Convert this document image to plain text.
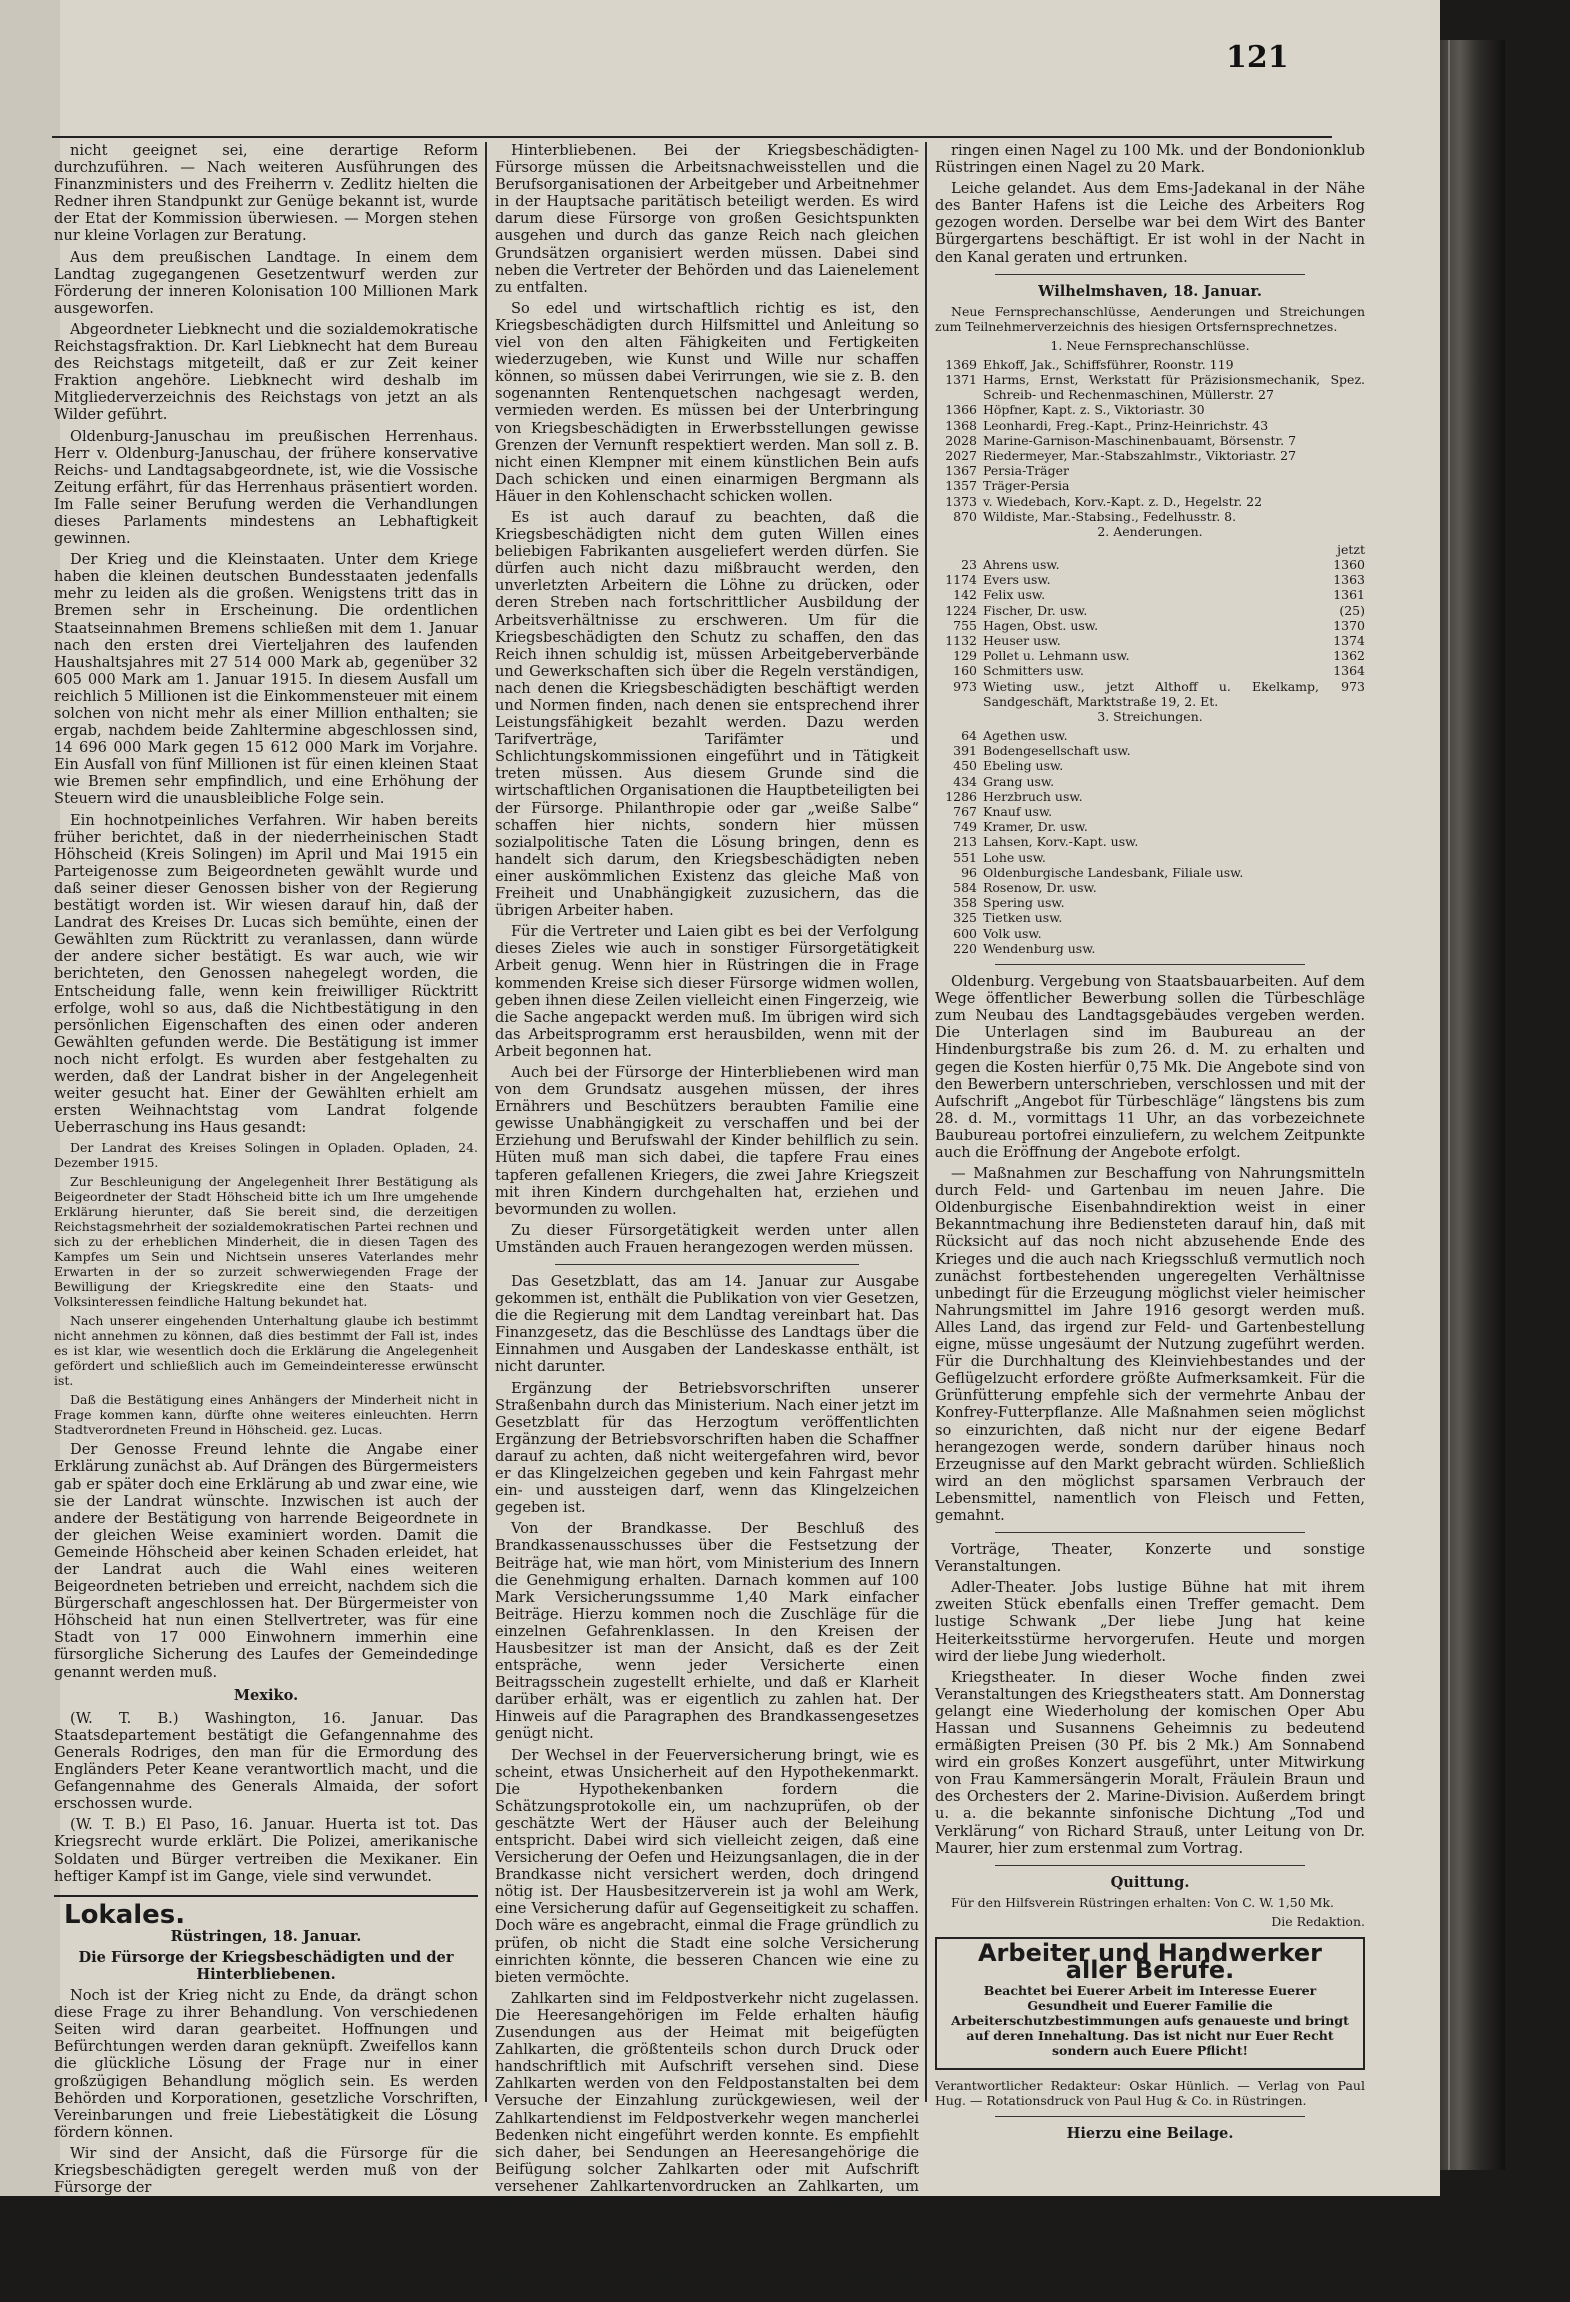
121

nicht geeignet sei, eine derartige Reform durchzuführen. — Nach weiteren Ausführungen des Finanzministers und des Freiherrn v. Zedlitz hielten die Redner ihren Standpunkt zur Genüge bekannt ist, wurde der Etat der Kommission überwiesen. — Morgen stehen nur kleine Vorlagen zur Beratung.

Aus dem preußischen Landtage. In einem dem Landtag zugegangenen Gesetzentwurf werden zur Förderung der inneren Kolonisation 100 Millionen Mark ausgeworfen.

Abgeordneter Liebknecht und die sozialdemokratische Reichstagsfraktion. Dr. Karl Liebknecht hat dem Bureau des Reichstags mitgeteilt, daß er zur Zeit keiner Fraktion angehöre. Liebknecht wird deshalb im Mitgliederverzeichnis des Reichstags von jetzt an als Wilder geführt.

Oldenburg-Januschau im preußischen Herrenhaus. Herr v. Oldenburg-Januschau, der frühere konservative Reichs- und Landtagsabgeordnete, ist, wie die Vossische Zeitung erfährt, für das Herrenhaus präsentiert worden. Im Falle seiner Berufung werden die Verhandlungen dieses Parlaments mindestens an Lebhaftigkeit gewinnen.

Der Krieg und die Kleinstaaten. Unter dem Kriege haben die kleinen deutschen Bundesstaaten jedenfalls mehr zu leiden als die großen. Wenigstens tritt das in Bremen sehr in Erscheinung. Die ordentlichen Staatseinnahmen Bremens schließen mit dem 1. Januar nach den ersten drei Vierteljahren des laufenden Haushaltsjahres mit 27 514 000 Mark ab, gegenüber 32 605 000 Mark am 1. Januar 1915. In diesem Ausfall um reichlich 5 Millionen ist die Einkommensteuer mit einem solchen von nicht mehr als einer Million enthalten; sie ergab, nachdem beide Zahltermine abgeschlossen sind, 14 696 000 Mark gegen 15 612 000 Mark im Vorjahre. Ein Ausfall von fünf Millionen ist für einen kleinen Staat wie Bremen sehr empfindlich, und eine Erhöhung der Steuern wird die unausbleibliche Folge sein.

Ein hochnotpeinliches Verfahren. Wir haben bereits früher berichtet, daß in der niederrheinischen Stadt Höhscheid (Kreis Solingen) im April und Mai 1915 ein Parteigenosse zum Beigeordneten gewählt wurde und daß seiner dieser Genossen bisher von der Regierung bestätigt worden ist. Wir wiesen darauf hin, daß der Landrat des Kreises Dr. Lucas sich bemühte, einen der Gewählten zum Rücktritt zu veranlassen, dann würde der andere sicher bestätigt. Es war auch, wie wir berichteten, den Genossen nahegelegt worden, die Entscheidung falle, wenn kein freiwilliger Rücktritt erfolge, wohl so aus, daß die Nichtbestätigung in den persönlichen Eigenschaften des einen oder anderen Gewählten gefunden werde. Die Bestätigung ist immer noch nicht erfolgt. Es wurden aber festgehalten zu werden, daß der Landrat bisher in der Angelegenheit weiter gesucht hat. Einer der Gewählten erhielt am ersten Weihnachtstag vom Landrat folgende Ueberraschung ins Haus gesandt:

Der Landrat des Kreises Solingen in Opladen. Opladen, 24. Dezember 1915.

Zur Beschleunigung der Angelegenheit Ihrer Bestätigung als Beigeordneter der Stadt Höhscheid bitte ich um Ihre umgehende Erklärung hierunter, daß Sie bereit sind, die derzeitigen Reichstagsmehrheit der sozialdemokratischen Partei rechnen und sich zu der erheblichen Minderheit, die in diesen Tagen des Kampfes um Sein und Nichtsein unseres Vaterlandes mehr Erwarten in der so zurzeit schwerwiegenden Frage der Bewilligung der Kriegskredite eine den Staats- und Volksinteressen feindliche Haltung bekundet hat.

Nach unserer eingehenden Unterhaltung glaube ich bestimmt nicht annehmen zu können, daß dies bestimmt der Fall ist, indes es ist klar, wie wesentlich doch die Erklärung die Angelegenheit gefördert und schließlich auch im Gemeindeinteresse erwünscht ist.

Daß die Bestätigung eines Anhängers der Minderheit nicht in Frage kommen kann, dürfte ohne weiteres einleuchten. Herrn Stadtverordneten Freund in Höhscheid. gez. Lucas.

Der Genosse Freund lehnte die Angabe einer Erklärung zunächst ab. Auf Drängen des Bürgermeisters gab er später doch eine Erklärung ab und zwar eine, wie sie der Landrat wünschte. Inzwischen ist auch der andere der Bestätigung von harrende Beigeordnete in der gleichen Weise examiniert worden. Damit die Gemeinde Höhscheid aber keinen Schaden erleidet, hat der Landrat auch die Wahl eines weiteren Beigeordneten betrieben und erreicht, nachdem sich die Bürgerschaft angeschlossen hat. Der Bürgermeister von Höhscheid hat nun einen Stellvertreter, was für eine Stadt von 17 000 Einwohnern immerhin eine fürsorgliche Sicherung des Laufes der Gemeindedinge genannt werden muß.

Mexiko.

(W. T. B.) Washington, 16. Januar. Das Staatsdepartement bestätigt die Gefangennahme des Generals Rodriges, den man für die Ermordung des Engländers Peter Keane verantwortlich macht, und die Gefangennahme des Generals Almaida, der sofort erschossen wurde.

(W. T. B.) El Paso, 16. Januar. Huerta ist tot. Das Kriegsrecht wurde erklärt. Die Polizei, amerikanische Soldaten und Bürger vertreiben die Mexikaner. Ein heftiger Kampf ist im Gange, viele sind verwundet.

Lokales.

Rüstringen, 18. Januar.

Die Fürsorge der Kriegsbeschädigten und der Hinterbliebenen.

Noch ist der Krieg nicht zu Ende, da drängt schon diese Frage zu ihrer Behandlung. Von verschiedenen Seiten wird daran gearbeitet. Hoffnungen und Befürchtungen werden daran geknüpft. Zweifellos kann die glückliche Lösung der Frage nur in einer großzügigen Behandlung möglich sein. Es werden Behörden und Korporationen, gesetzliche Vorschriften, Vereinbarungen und freie Liebestätigkeit die Lösung fördern können.

Wir sind der Ansicht, daß die Fürsorge für die Kriegsbeschädigten geregelt werden muß von der Fürsorge der

Hinterbliebenen. Bei der Kriegsbeschädigten-Fürsorge müssen die Arbeitsnachweisstellen und die Berufsorganisationen der Arbeitgeber und Arbeitnehmer in der Hauptsache paritätisch beteiligt werden. Es wird darum diese Fürsorge von großen Gesichtspunkten ausgehen und durch das ganze Reich nach gleichen Grundsätzen organisiert werden müssen. Dabei sind neben die Vertreter der Behörden und das Laienelement zu entfalten.

So edel und wirtschaftlich richtig es ist, den Kriegsbeschädigten durch Hilfsmittel und Anleitung so viel von den alten Fähigkeiten und Fertigkeiten wiederzugeben, wie Kunst und Wille nur schaffen können, so müssen dabei Verirrungen, wie sie z. B. den sogenannten Rentenquetschen nachgesagt werden, vermieden werden. Es müssen bei der Unterbringung von Kriegsbeschädigten in Erwerbsstellungen gewisse Grenzen der Vernunft respektiert werden. Man soll z. B. nicht einen Klempner mit einem künstlichen Bein aufs Dach schicken und einen einarmigen Bergmann als Häuer in den Kohlenschacht schicken wollen.

Es ist auch darauf zu beachten, daß die Kriegsbeschädigten nicht dem guten Willen eines beliebigen Fabrikanten ausgeliefert werden dürfen. Sie dürfen auch nicht dazu mißbraucht werden, den unverletzten Arbeitern die Löhne zu drücken, oder deren Streben nach fortschrittlicher Ausbildung der Arbeitsverhältnisse zu erschweren. Um für die Kriegsbeschädigten den Schutz zu schaffen, den das Reich ihnen schuldig ist, müssen Arbeitgeberverbände und Gewerkschaften sich über die Regeln verständigen, nach denen die Kriegsbeschädigten beschäftigt werden und Normen finden, nach denen sie entsprechend ihrer Leistungsfähigkeit bezahlt werden. Dazu werden Tarifverträge, Tarifämter und Schlichtungskommissionen eingeführt und in Tätigkeit treten müssen. Aus diesem Grunde sind die wirtschaftlichen Organisationen die Hauptbeteiligten bei der Fürsorge. Philanthropie oder gar „weiße Salbe“ schaffen hier nichts, sondern hier müssen sozialpolitische Taten die Lösung bringen, denn es handelt sich darum, den Kriegsbeschädigten neben einer auskömmlichen Existenz das gleiche Maß von Freiheit und Unabhängigkeit zuzusichern, das die übrigen Arbeiter haben.

Für die Vertreter und Laien gibt es bei der Verfolgung dieses Zieles wie auch in sonstiger Fürsorgetätigkeit Arbeit genug. Wenn hier in Rüstringen die in Frage kommenden Kreise sich dieser Fürsorge widmen wollen, geben ihnen diese Zeilen vielleicht einen Fingerzeig, wie die Sache angepackt werden muß. Im übrigen wird sich das Arbeitsprogramm erst herausbilden, wenn mit der Arbeit begonnen hat.

Auch bei der Fürsorge der Hinterbliebenen wird man von dem Grundsatz ausgehen müssen, der ihres Ernährers und Beschützers beraubten Familie eine gewisse Unabhängigkeit zu verschaffen und bei der Erziehung und Berufswahl der Kinder behilflich zu sein. Hüten muß man sich dabei, die tapfere Frau eines tapferen gefallenen Kriegers, die zwei Jahre Kriegszeit mit ihren Kindern durchgehalten hat, erziehen und bevormunden zu wollen.

Zu dieser Fürsorgetätigkeit werden unter allen Umständen auch Frauen herangezogen werden müssen.

Das Gesetzblatt, das am 14. Januar zur Ausgabe gekommen ist, enthält die Publikation von vier Gesetzen, die die Regierung mit dem Landtag vereinbart hat. Das Finanzgesetz, das die Beschlüsse des Landtags über die Einnahmen und Ausgaben der Landeskasse enthält, ist nicht darunter.

Ergänzung der Betriebsvorschriften unserer Straßenbahn durch das Ministerium. Nach einer jetzt im Gesetzblatt für das Herzogtum veröffentlichten Ergänzung der Betriebsvorschriften haben die Schaffner darauf zu achten, daß nicht weitergefahren wird, bevor er das Klingelzeichen gegeben und kein Fahrgast mehr ein- und aussteigen darf, wenn das Klingelzeichen gegeben ist.

Von der Brandkasse. Der Beschluß des Brandkassenausschusses über die Festsetzung der Beiträge hat, wie man hört, vom Ministerium des Innern die Genehmigung erhalten. Darnach kommen auf 100 Mark Versicherungssumme 1,40 Mark einfacher Beiträge. Hierzu kommen noch die Zuschläge für die einzelnen Gefahrenklassen. In den Kreisen der Hausbesitzer ist man der Ansicht, daß es der Zeit entspräche, wenn jeder Versicherte einen Beitragsschein zugestellt erhielte, und daß er Klarheit darüber erhält, was er eigentlich zu zahlen hat. Der Hinweis auf die Paragraphen des Brandkassengesetzes genügt nicht.

Der Wechsel in der Feuerversicherung bringt, wie es scheint, etwas Unsicherheit auf den Hypothekenmarkt. Die Hypothekenbanken fordern die Schätzungsprotokolle ein, um nachzuprüfen, ob der geschätzte Wert der Häuser auch der Beleihung entspricht. Dabei wird sich vielleicht zeigen, daß eine Versicherung der Oefen und Heizungsanlagen, die in der Brandkasse nicht versichert werden, doch dringend nötig ist. Der Hausbesitzerverein ist ja wohl am Werk, eine Versicherung dafür auf Gegenseitigkeit zu schaffen. Doch wäre es angebracht, einmal die Frage gründlich zu prüfen, ob nicht die Stadt eine solche Versicherung einrichten könnte, die besseren Chancen wie eine zu bieten vermöchte.

Zahlkarten sind im Feldpostverkehr nicht zugelassen. Die Heeresangehörigen im Felde erhalten häufig Zusendungen aus der Heimat mit beigefügten Zahlkarten, die größtenteils schon durch Druck oder handschriftlich mit Aufschrift versehen sind. Diese Zahlkarten werden von den Feldpostanstalten bei dem Versuche der Einzahlung zurückgewiesen, weil der Zahlkartendienst im Feldpostverkehr wegen mancherlei Bedenken nicht eingeführt werden konnte. Es empfiehlt sich daher, bei Sendungen an Heeresangehörige die Beifügung solcher Zahlkarten oder mit Aufschrift versehener Zahlkartenvordrucken an Zahlkarten, um zweckmäßig handeln ist die Ueberhauptung zu Heeresangehörige hingewiesen.

Für den Eisernen Friesen stifteten die städtischen Beamten und Angestellten von Rüstringen einen Nagel zu 300 Mk., die Schmiede- und Schlosserzwangsinnung Rüst-

ringen einen Nagel zu 100 Mk. und der Bondonionklub Rüstringen einen Nagel zu 20 Mark.

Leiche gelandet. Aus dem Ems-Jadekanal in der Nähe des Banter Hafens ist die Leiche des Arbeiters Rog gezogen worden. Derselbe war bei dem Wirt des Banter Bürgergartens beschäftigt. Er ist wohl in der Nacht in den Kanal geraten und ertrunken.

Wilhelmshaven, 18. Januar.

Neue Fernsprechanschlüsse, Aenderungen und Streichungen zum Teilnehmerverzeichnis des hiesigen Ortsfernsprechnetzes.

1. Neue Fernsprechanschlüsse.

1369	Ehkoff, Jak., Schiffsführer, Roonstr. 119
1371	Harms, Ernst, Werkstatt für Präzisionsmechanik, Spez. Schreib- und Rechenmaschinen, Müllerstr. 27
1366	Höpfner, Kapt. z. S., Viktoriastr. 30
1368	Leonhardi, Freg.-Kapt., Prinz-Heinrichstr. 43
2028	Marine-Garnison-Maschinenbauamt, Börsenstr. 7
2027	Riedermeyer, Mar.-Stabszahlmstr., Viktoriastr. 27
1367	Persia-Träger
1357	Träger-Persia
1373	v. Wiedebach, Korv.-Kapt. z. D., Hegelstr. 22
870	Wildiste, Mar.-Stabsing., Fedelhusstr. 8.

2. Aenderungen.

jetzt
23	Ahrens usw.	1360
1174	Evers usw.	1363
142	Felix usw.	1361
1224	Fischer, Dr. usw.	(25)
755	Hagen, Obst. usw.	1370
1132	Heuser usw.	1374
129	Pollet u. Lehmann usw.	1362
160	Schmitters usw.	1364
973	Wieting usw., jetzt Althoff u. Ekelkamp, Sandgeschäft, Marktstraße 19, 2. Et.	973

3. Streichungen.

64	Agethen usw.
391	Bodengesellschaft usw.
450	Ebeling usw.
434	Grang usw.
1286	Herzbruch usw.
767	Knauf usw.
749	Kramer, Dr. usw.
213	Lahsen, Korv.-Kapt. usw.
551	Lohe usw.
96	Oldenburgische Landesbank, Filiale usw.
584	Rosenow, Dr. usw.
358	Spering usw.
325	Tietken usw.
600	Volk usw.
220	Wendenburg usw.

Oldenburg. Vergebung von Staatsbauarbeiten. Auf dem Wege öffentlicher Bewerbung sollen die Türbeschläge zum Neubau des Landtagsgebäudes vergeben werden. Die Unterlagen sind im Baubureau an der Hindenburgstraße bis zum 26. d. M. zu erhalten und gegen die Kosten hierfür 0,75 Mk. Die Angebote sind von den Bewerbern unterschrieben, verschlossen und mit der Aufschrift „Angebot für Türbeschläge“ längstens bis zum 28. d. M., vormittags 11 Uhr, an das vorbezeichnete Baubureau portofrei einzuliefern, zu welchem Zeitpunkte auch die Eröffnung der Angebote erfolgt.

— Maßnahmen zur Beschaffung von Nahrungsmitteln durch Feld- und Gartenbau im neuen Jahre. Die Oldenburgische Eisenbahndirektion weist in einer Bekanntmachung ihre Bediensteten darauf hin, daß mit Rücksicht auf das noch nicht abzusehende Ende des Krieges und die auch nach Kriegsschluß vermutlich noch zunächst fortbestehenden ungeregelten Verhältnisse unbedingt für die Erzeugung möglichst vieler heimischer Nahrungsmittel im Jahre 1916 gesorgt werden muß. Alles Land, das irgend zur Feld- und Gartenbestellung eigne, müsse ungesäumt der Nutzung zugeführt werden. Für die Durchhaltung des Kleinviehbestandes und der Geflügelzucht erfordere größte Aufmerksamkeit. Für die Grünfütterung empfehle sich der vermehrte Anbau der Konfrey-Futterpflanze. Alle Maßnahmen seien möglichst so einzurichten, daß nicht nur der eigene Bedarf herangezogen werde, sondern darüber hinaus noch Erzeugnisse auf den Markt gebracht würden. Schließlich wird an den möglichst sparsamen Verbrauch der Lebensmittel, namentlich von Fleisch und Fetten, gemahnt.

Vorträge, Theater, Konzerte und sonstige Veranstaltungen.

Adler-Theater. Jobs lustige Bühne hat mit ihrem zweiten Stück ebenfalls einen Treffer gemacht. Dem lustige Schwank „Der liebe Jung hat keine Heiterkeitsstürme hervorgerufen. Heute und morgen wird der liebe Jung wiederholt.

Kriegstheater. In dieser Woche finden zwei Veranstaltungen des Kriegstheaters statt. Am Donnerstag gelangt eine Wiederholung der komischen Oper Abu Hassan und Susannens Geheimnis zu bedeutend ermäßigten Preisen (30 Pf. bis 2 Mk.) Am Sonnabend wird ein großes Konzert ausgeführt, unter Mitwirkung von Frau Kammersängerin Moralt, Fräulein Braun und des Orchesters der 2. Marine-Division. Außerdem bringt u. a. die bekannte sinfonische Dichtung „Tod und Verklärung“ von Richard Strauß, unter Leitung von Dr. Maurer, hier zum erstenmal zum Vortrag.

Quittung.

Für den Hilfsverein Rüstringen erhalten: Von C. W. 1,50 Mk.

Die Redaktion.

Arbeiter und Handwerker aller Berufe.

Beachtet bei Euerer Arbeit im Interesse Euerer Gesundheit und Euerer Familie die Arbeiterschutzbestimmungen aufs genaueste und bringt auf deren Innehaltung. Das ist nicht nur Euer Recht sondern auch Euere Pflicht!

Verantwortlicher Redakteur: Oskar Hünlich. — Verlag von Paul Hug. — Rotationsdruck von Paul Hug & Co. in Rüstringen.

Hierzu eine Beilage.
